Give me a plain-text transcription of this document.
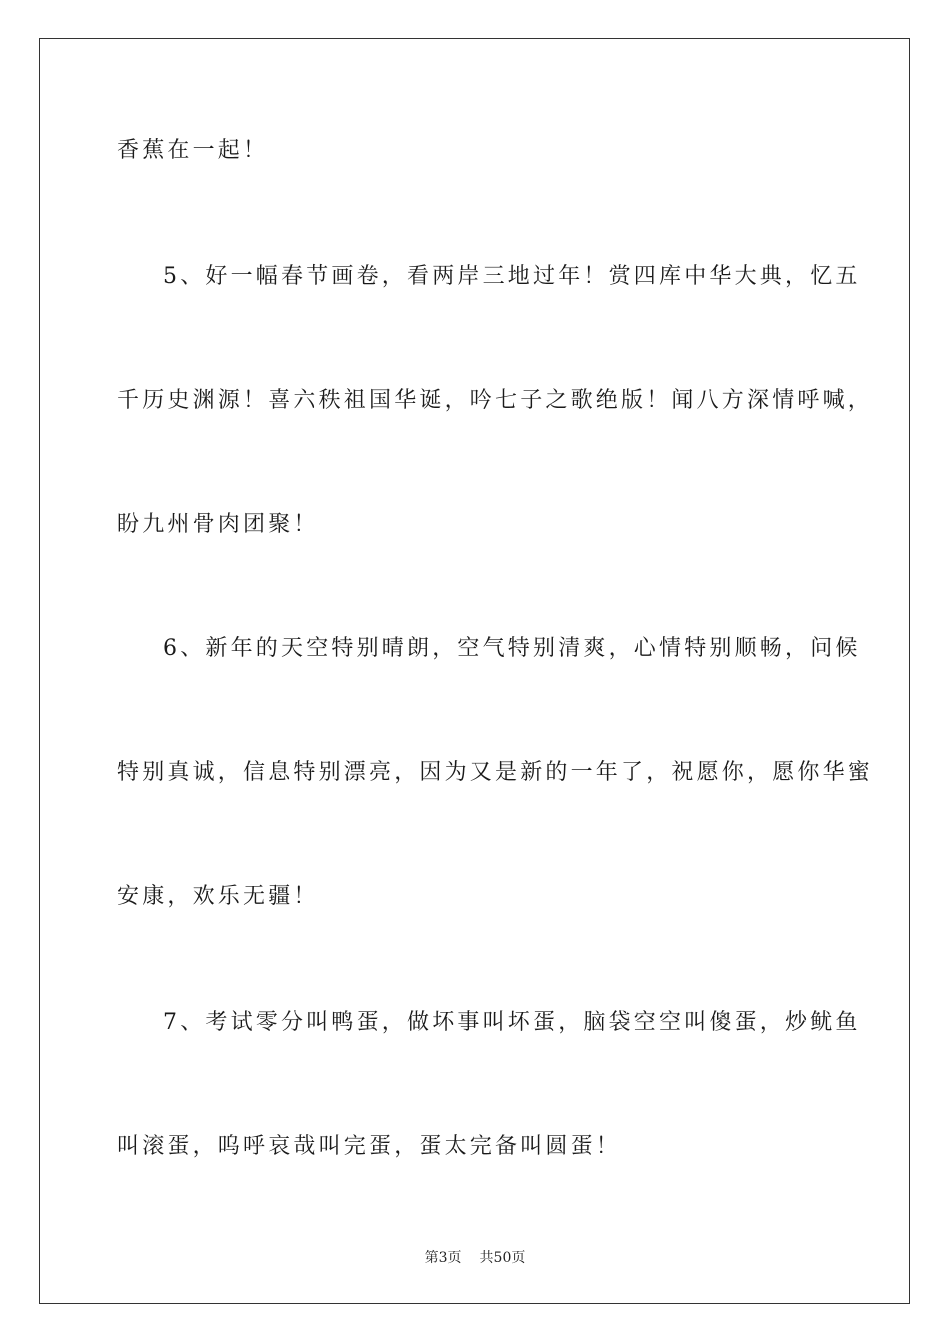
香蕉在一起！
5、好一幅春节画卷，看两岸三地过年！赏四库中华大典，忆五
千历史渊源！喜六秩祖国华诞，吟七子之歌绝版！闻八方深情呼喊，
盼九州骨肉团聚！
6、新年的天空特别晴朗，空气特别清爽，心情特别顺畅，问候
特别真诚，信息特别漂亮，因为又是新的一年了，祝愿你，愿你华蜜
安康，欢乐无疆！
7、考试零分叫鸭蛋，做坏事叫坏蛋，脑袋空空叫傻蛋，炒鱿鱼
叫滚蛋，呜呼哀哉叫完蛋，蛋太完备叫圆蛋！
第3页 共50页
